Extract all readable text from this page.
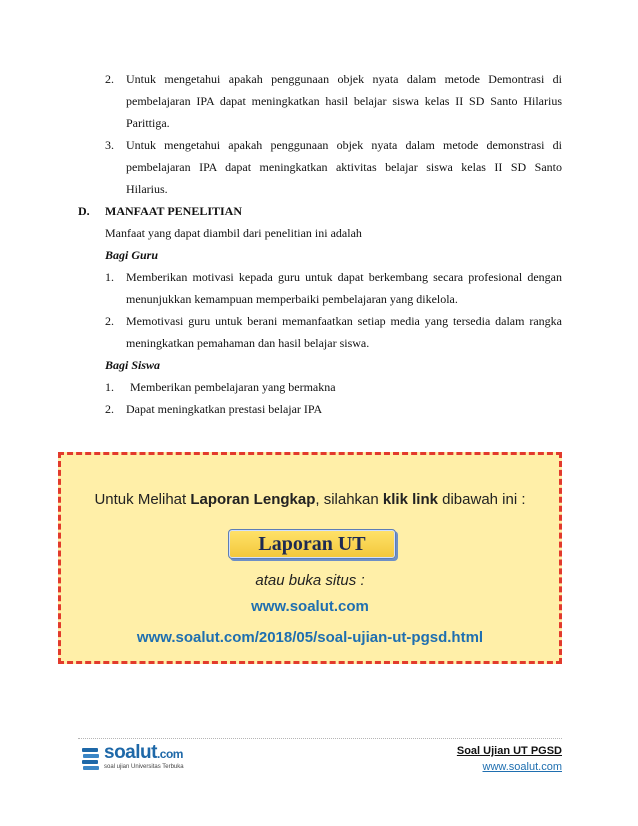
2. Untuk mengetahui apakah penggunaan objek nyata dalam metode Demontrasi di
pembelajaran IPA dapat meningkatkan hasil belajar siswa kelas II SD Santo Hilarius
Parittiga.
3. Untuk mengetahui apakah penggunaan objek nyata dalam metode demonstrasi di
pembelajaran IPA dapat meningkatkan aktivitas belajar siswa kelas II SD Santo
Hilarius.
D. MANFAAT PENELITIAN
Manfaat yang dapat diambil dari penelitian ini adalah
Bagi Guru
1. Memberikan motivasi kepada guru untuk dapat berkembang secara profesional dengan
menunjukkan kemampuan memperbaiki pembelajaran yang dikelola.
2. Memotivasi guru untuk berani memanfaatkan setiap media yang tersedia dalam rangka
meningkatkan pemahaman dan hasil belajar siswa.
Bagi Siswa
1. Memberikan pembelajaran yang bermakna
2. Dapat meningkatkan prestasi belajar IPA
Untuk Melihat Laporan Lengkap, silahkan klik link dibawah ini :
Laporan UT
atau buka situs :
www.soalut.com
www.soalut.com/2018/05/soal-ujian-ut-pgsd.html
soalut.com
soal ujian Universitas Terbuka
Soal Ujian UT PGSD
www.soalut.com
